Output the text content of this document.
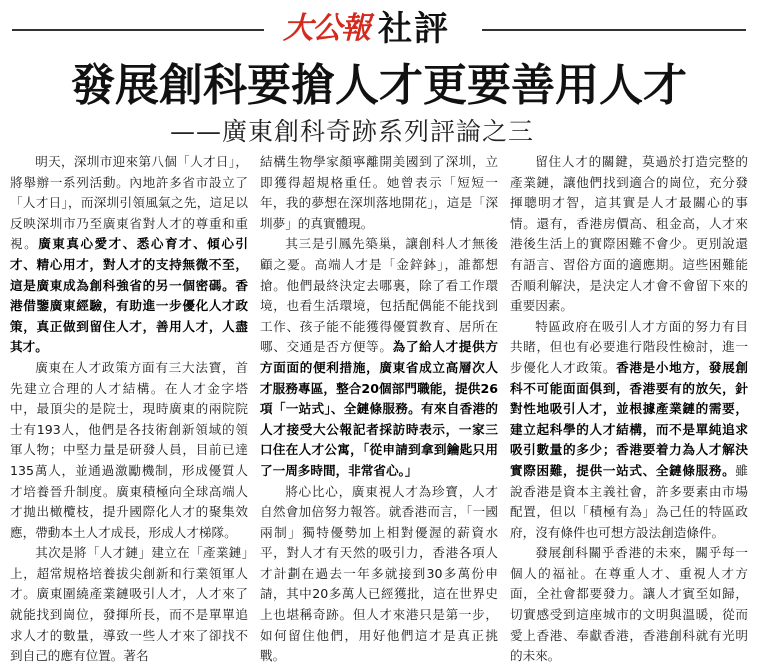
大公報 社評
發展創科要搶人才更要善用人才
——廣東創科奇跡系列評論之三

明天，深圳市迎來第八個「人才日」，將舉辦一系列活動。內地許多省市設立了「人才日」，而深圳引領風氣之先，這足以反映深圳市乃至廣東省對人才的尊重和重視。廣東真心愛才、悉心育才、傾心引才、精心用才，對人才的支持無微不至，這是廣東成為創科強省的另一個密碼。香港借鑒廣東經驗，有助進一步優化人才政策，真正做到留住人才，善用人才，人盡其才。

廣東在人才政策方面有三大法寶，首先建立合理的人才結構。在人才金字塔中，最頂尖的是院士，現時廣東的兩院院士有193人，他們是各技術創新領域的領軍人物；中堅力量是研發人員，目前已達135萬人，並通過激勵機制，形成優質人才培養晉升制度。廣東積極向全球高端人才拋出橄欖枝，提升國際化人才的聚集效應，帶動本土人才成長，形成人才梯隊。

其次是將「人才鏈」建立在「產業鏈」上，超常規格培養拔尖創新和行業領軍人才。廣東圍繞產業鏈吸引人才，人才來了就能找到崗位，發揮所長，而不是單單追求人才的數量，導致一些人才來了卻找不到自己的應有位置。著名

結構生物學家顏寧離開美國到了深圳，立即獲得超規格重任。她曾表示「短短一年，我的夢想在深圳落地開花」，這是「深圳夢」的真實體現。

其三是引鳳先築巢，讓創科人才無後顧之憂。高端人才是「金鋅鉢」，誰都想搶。他們最終決定去哪裏，除了看工作環境，也看生活環境，包括配偶能不能找到工作、孩子能不能獲得優質教育、居所在哪、交通是否方便等。為了給人才提供方方面面的便利措施，廣東省成立高層次人才服務專區，整合20個部門職能，提供26項「一站式」、全鏈條服務。有來自香港的人才接受大公報記者採訪時表示，一家三口住在人才公寓，「從申請到拿到鑰匙只用了一周多時間，非常省心。」

將心比心，廣東視人才為珍寶，人才自然會加倍努力報答。就香港而言，「一國兩制」獨特優勢加上相對優渥的薪資水平，對人才有天然的吸引力，香港各項人才計劃在過去一年多就接到30多萬份申請，其中20多萬人已經獲批，這在世界史上也堪稱奇跡。但人才來港只是第一步，如何留住他們，用好他們這才是真正挑戰。

留住人才的關鍵，莫過於打造完整的產業鏈，讓他們找到適合的崗位，充分發揮聰明才智，這其實是人才最關心的事情。還有，香港房價高、租金高，人才來港後生活上的實際困難不會少。更別說還有語言、習俗方面的適應期。這些困難能否順利解決，是決定人才會不會留下來的重要因素。

特區政府在吸引人才方面的努力有目共睹，但也有必要進行階段性檢討，進一步優化人才政策。香港是小地方，發展創科不可能面面俱到，香港要有的放矢，針對性地吸引人才，並根據產業鏈的需要，建立起科學的人才結構，而不是單純追求吸引數量的多少；香港要着力為人才解決實際困難，提供一站式、全鏈條服務。雖說香港是資本主義社會，許多要素由市場配置，但以「積極有為」為己任的特區政府，沒有條件也可想方設法創造條件。

發展創科關乎香港的未來，關乎每一個人的福祉。在尊重人才、重視人才方面，全社會都要發力。讓人才賓至如歸，切實感受到這座城市的文明與溫暖，從而愛上香港、奉獻香港，香港創科就有光明的未來。
